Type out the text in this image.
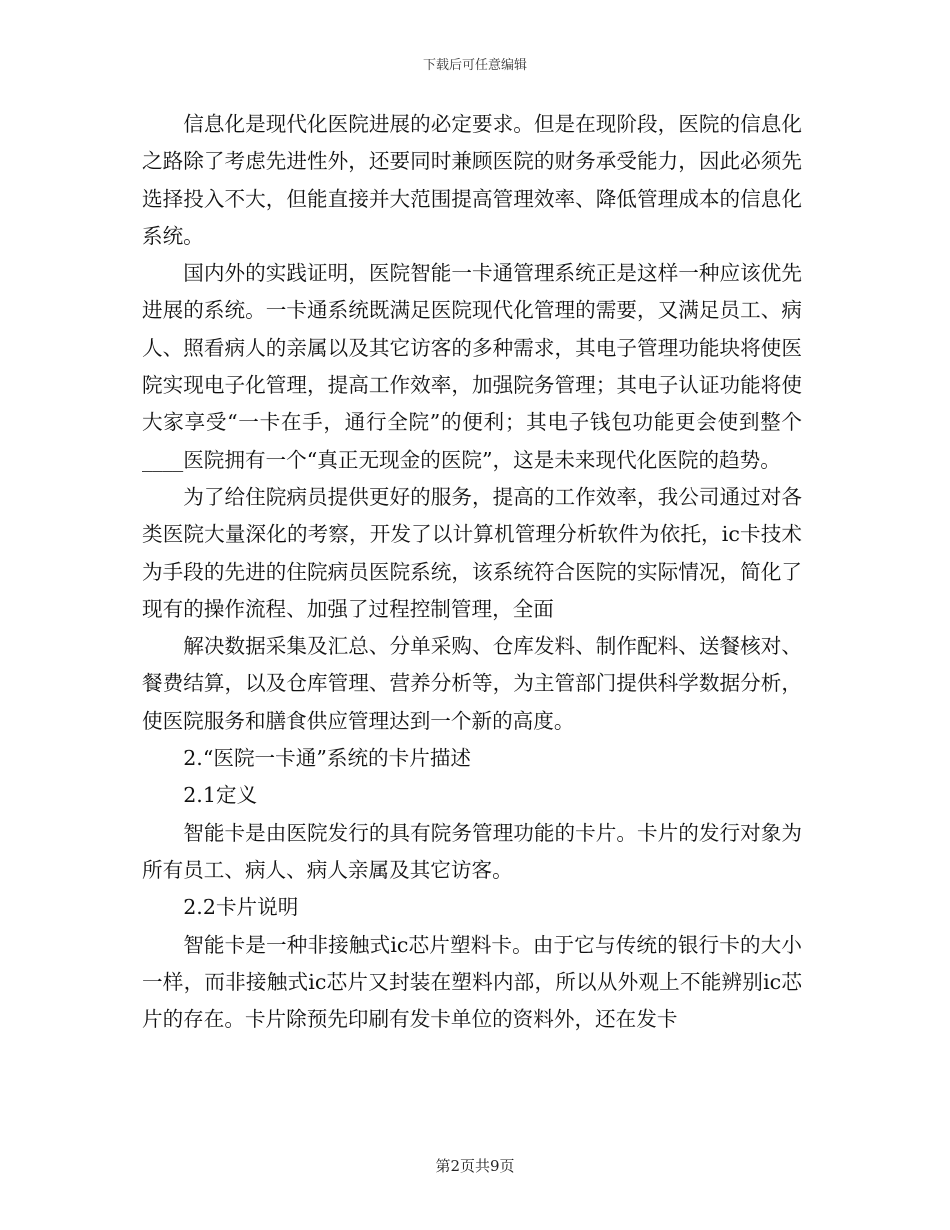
下载后可任意编辑

信息化是现代化医院进展的必定要求。但是在现阶段，医院的信息化之路除了考虑先进性外，还要同时兼顾医院的财务承受能力，因此必须先选择投入不大，但能直接并大范围提高管理效率、降低管理成本的信息化系统。

国内外的实践证明，医院智能一卡通管理系统正是这样一种应该优先进展的系统。一卡通系统既满足医院现代化管理的需要，又满足员工、病人、照看病人的亲属以及其它访客的多种需求，其电子管理功能块将使医院实现电子化管理，提高工作效率，加强院务管理；其电子认证功能将使大家享受“一卡在手，通行全院”的便利；其电子钱包功能更会使到整个____医院拥有一个“真正无现金的医院”，这是未来现代化医院的趋势。

为了给住院病员提供更好的服务，提高的工作效率，我公司通过对各类医院大量深化的考察，开发了以计算机管理分析软件为依托，ic卡技术为手段的先进的住院病员医院系统，该系统符合医院的实际情况，简化了现有的操作流程、加强了过程控制管理，全面

解决数据采集及汇总、分单采购、仓库发料、制作配料、送餐核对、餐费结算，以及仓库管理、营养分析等，为主管部门提供科学数据分析，使医院服务和膳食供应管理达到一个新的高度。

2.“医院一卡通”系统的卡片描述

2.1定义

智能卡是由医院发行的具有院务管理功能的卡片。卡片的发行对象为所有员工、病人、病人亲属及其它访客。

2.2卡片说明

智能卡是一种非接触式ic芯片塑料卡。由于它与传统的银行卡的大小一样，而非接触式ic芯片又封装在塑料内部，所以从外观上不能辨别ic芯片的存在。卡片除预先印刷有发卡单位的资料外，还在发卡

第2页共9页
